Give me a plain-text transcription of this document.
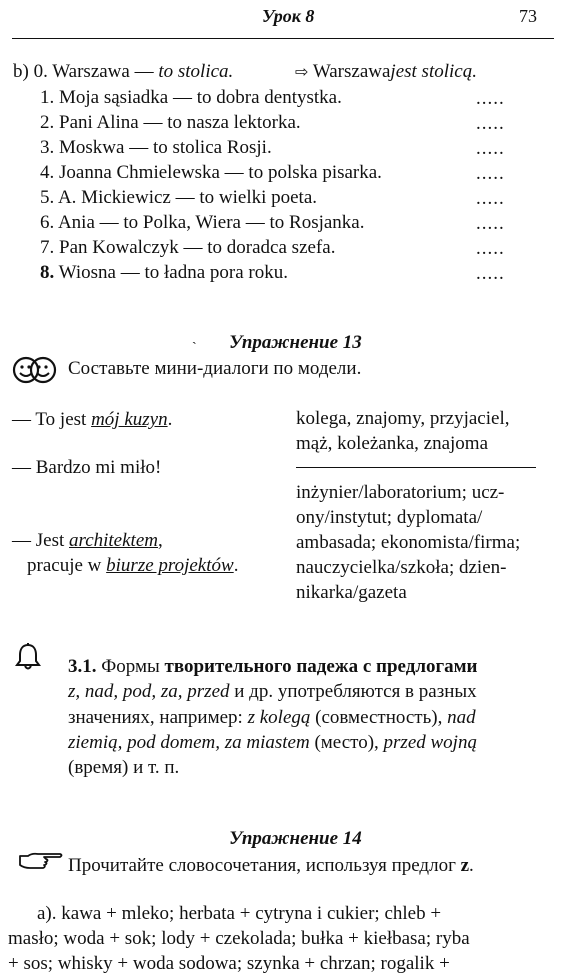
Урок 8	73
b) 0. Warszawa — to stolica.	⇨ Warszawajest stolicą.
1. Moja sąsiadka — to dobra dentystka.	.....
2. Pani Alina — to nasza lektorka.	.....
3. Moskwa — to stolica Rosji.	.....
4. Joanna Chmielewska — to polska pisarka.	.....
5. A. Mickiewicz — to wielki poeta.	.....
6. Ania — to Polka, Wiera — to Rosjanka.	.....
7. Pan Kowalczyk — to doradca szefa.	.....
8. Wiosna — to ładna pora roku.	.....
Упражнение 13
ˏ
Составьте мини-диалоги по модели.
— To jest mój kuzyn.
— Bardzo mi miło!
— Jest architektem,
pracuje w biurze projektów.
kolega, znajomy, przyjaciel,
mąż, koleżanka, znajoma
inżynier/laboratorium; ucz-
ony/instytut; dyplomata/
ambasada; ekonomista/firma;
nauczycielka/szkoła; dzien-
nikarka/gazeta
3.1. Формы творительного падежа с предлогами
z, nad, pod, za, przed и др. употребляются в разных
значениях, например: z kolegą (совместность), nad
ziemią, pod domem, za miastem (место), przed wojną
(время) и т. п.
Упражнение 14
Прочитайте словосочетания, используя предлог z.
a). kawa + mleko; herbata + cytryna i cukier; chleb +
masło; woda + sok; lody + czekolada; bułka + kiełbasa; ryba
+ sos; whisky + woda sodowa; szynka + chrzan; rogalik +
